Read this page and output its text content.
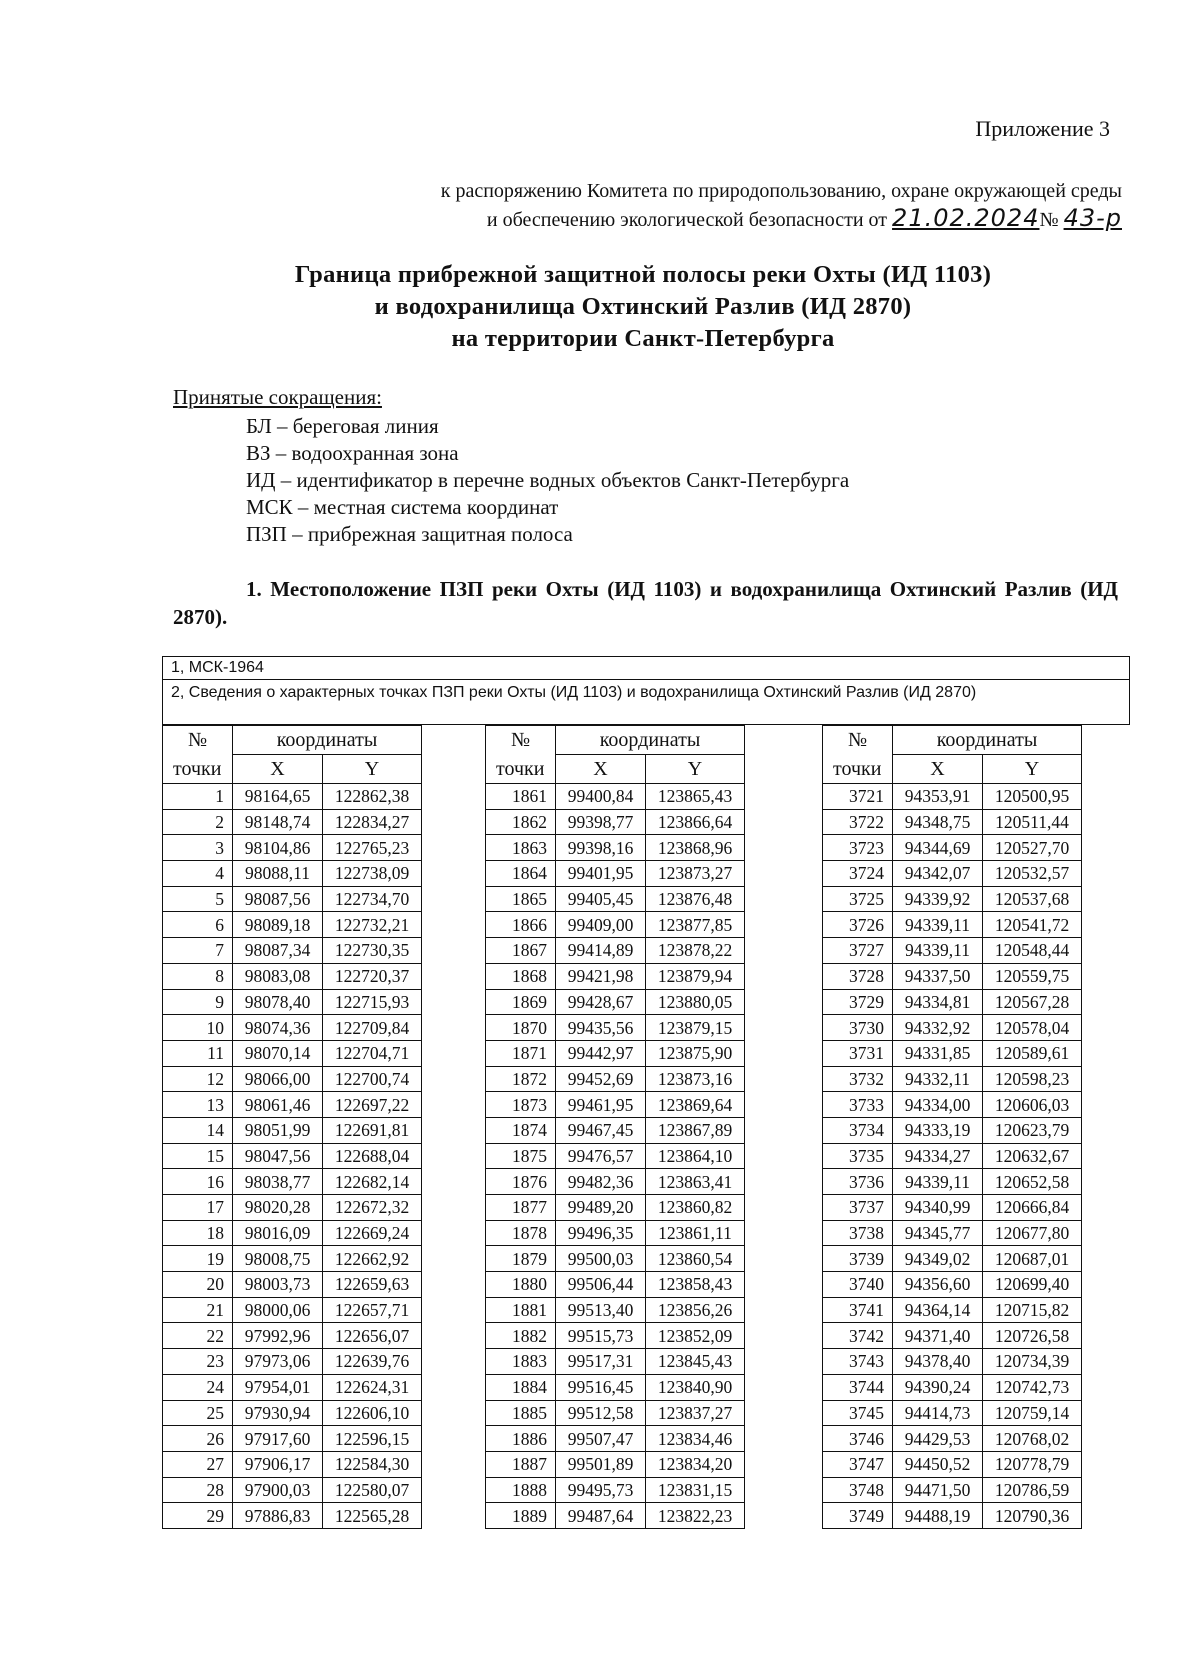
Приложение 3
к распоряжению Комитета по природопользованию, охране окружающей среды
и обеспечению экологической безопасности от 21.02.2024№ 43-р
Граница прибрежной защитной полосы реки Охты (ИД 1103)
и водохранилища Охтинский Разлив (ИД 2870)
на территории Санкт-Петербурга
Принятые сокращения:
БЛ – береговая линия
ВЗ – водоохранная зона
ИД – идентификатор в перечне водных объектов Санкт-Петербурга
МСК – местная система координат
ПЗП – прибрежная защитная полоса
1. Местоположение ПЗП реки Охты (ИД 1103) и водохранилища Охтинский Разлив (ИД 2870).
1, МСК-1964
2, Сведения о характерных точках ПЗП реки Охты (ИД 1103) и водохранилища Охтинский Разлив (ИД 2870)
№	координаты	
точки	X	Y
1	98164,65	122862,38
2	98148,74	122834,27
3	98104,86	122765,23
4	98088,11	122738,09
5	98087,56	122734,70
6	98089,18	122732,21
7	98087,34	122730,35
8	98083,08	122720,37
9	98078,40	122715,93
10	98074,36	122709,84
11	98070,14	122704,71
12	98066,00	122700,74
13	98061,46	122697,22
14	98051,99	122691,81
15	98047,56	122688,04
16	98038,77	122682,14
17	98020,28	122672,32
18	98016,09	122669,24
19	98008,75	122662,92
20	98003,73	122659,63
21	98000,06	122657,71
22	97992,96	122656,07
23	97973,06	122639,76
24	97954,01	122624,31
25	97930,94	122606,10
26	97917,60	122596,15
27	97906,17	122584,30
28	97900,03	122580,07
29	97886,83	122565,28
№	координаты	
точки	X	Y
1861	99400,84	123865,43
1862	99398,77	123866,64
1863	99398,16	123868,96
1864	99401,95	123873,27
1865	99405,45	123876,48
1866	99409,00	123877,85
1867	99414,89	123878,22
1868	99421,98	123879,94
1869	99428,67	123880,05
1870	99435,56	123879,15
1871	99442,97	123875,90
1872	99452,69	123873,16
1873	99461,95	123869,64
1874	99467,45	123867,89
1875	99476,57	123864,10
1876	99482,36	123863,41
1877	99489,20	123860,82
1878	99496,35	123861,11
1879	99500,03	123860,54
1880	99506,44	123858,43
1881	99513,40	123856,26
1882	99515,73	123852,09
1883	99517,31	123845,43
1884	99516,45	123840,90
1885	99512,58	123837,27
1886	99507,47	123834,46
1887	99501,89	123834,20
1888	99495,73	123831,15
1889	99487,64	123822,23
№	координаты	
точки	X	Y
3721	94353,91	120500,95
3722	94348,75	120511,44
3723	94344,69	120527,70
3724	94342,07	120532,57
3725	94339,92	120537,68
3726	94339,11	120541,72
3727	94339,11	120548,44
3728	94337,50	120559,75
3729	94334,81	120567,28
3730	94332,92	120578,04
3731	94331,85	120589,61
3732	94332,11	120598,23
3733	94334,00	120606,03
3734	94333,19	120623,79
3735	94334,27	120632,67
3736	94339,11	120652,58
3737	94340,99	120666,84
3738	94345,77	120677,80
3739	94349,02	120687,01
3740	94356,60	120699,40
3741	94364,14	120715,82
3742	94371,40	120726,58
3743	94378,40	120734,39
3744	94390,24	120742,73
3745	94414,73	120759,14
3746	94429,53	120768,02
3747	94450,52	120778,79
3748	94471,50	120786,59
3749	94488,19	120790,36
